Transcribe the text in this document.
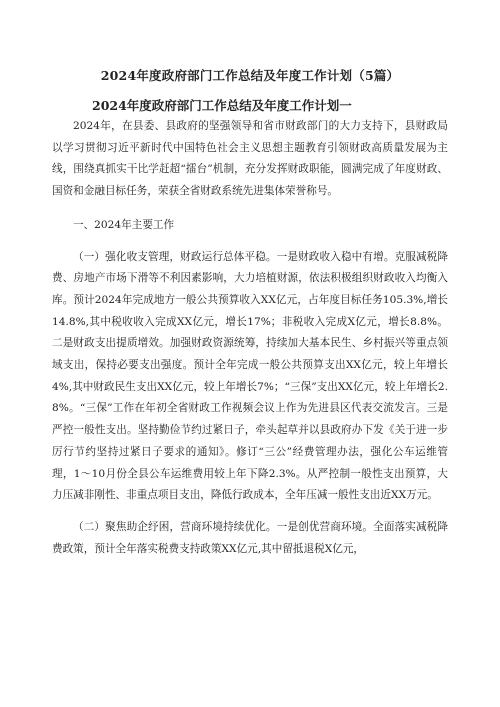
2024年度政府部门工作总结及年度工作计划（5篇）
2024年度政府部门工作总结及年度工作计划一

2024年，在县委、县政府的坚强领导和省市财政部门的大力支持下，县财政局以学习贯彻习近平新时代中国特色社会主义思想主题教育引领财政高质量发展为主线，围绕真抓实干比学赶超“擂台”机制，充分发挥财政职能，圆满完成了年度财政、国资和金融目标任务，荣获全省财政系统先进集体荣誉称号。

一、2024年主要工作

（一）强化收支管理，财政运行总体平稳。一是财政收入稳中有增。克服减税降费、房地产市场下滑等不利因素影响，大力培植财源，依法积极组织财政收入均衡入库。预计2024年完成地方一般公共预算收入XX亿元，占年度目标任务105.3%,增长14.8%,其中税收收入完成XX亿元，增长17%；非税收入完成X亿元，增长8.8%。二是财政支出提质增效。加强财政资源统筹，持续加大基本民生、乡村振兴等重点领域支出，保持必要支出强度。预计全年完成一般公共预算支出XX亿元，较上年增长4%,其中财政民生支出XX亿元，较上年增长7%；“三保”支出XX亿元，较上年增长2.8%。“三保”工作在年初全省财政工作视频会议上作为先进县区代表交流发言。三是严控一般性支出。坚持勤俭节约过紧日子，牵头起草并以县政府办下发《关于进一步厉行节约坚持过紧日子要求的通知》。修订“三公”经费管理办法，强化公车运维管理，1〜10月份全县公车运维费用较上年下降2.3%。从严控制一般性支出预算，大力压减非刚性、非重点项目支出，降低行政成本，全年压减一般性支出近XX万元。

（二）聚焦助企纾困，营商环境持续优化。一是创优营商环境。全面落实减税降费政策，预计全年落实税费支持政策XX亿元,其中留抵退税X亿元，
